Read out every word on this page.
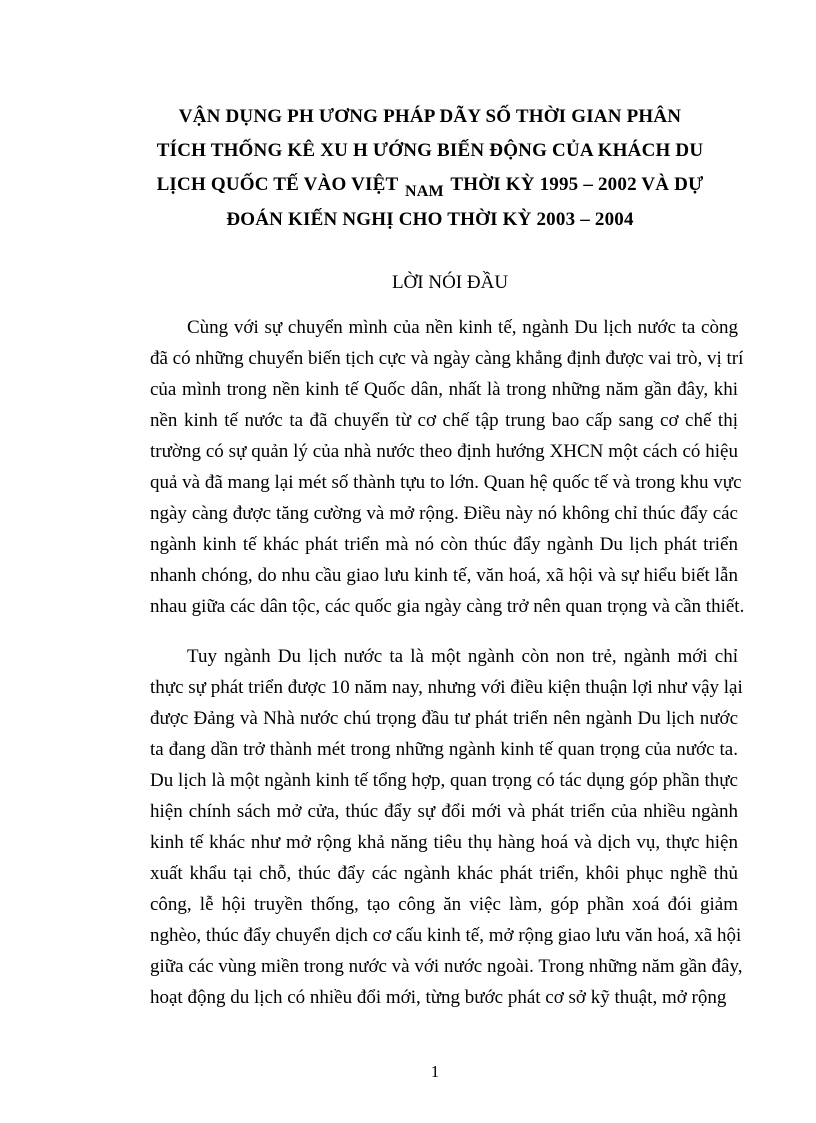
VẬN DỤNG PH ƯƠNG PHÁP DÃY SỐ THỜI GIAN PHÂN
TÍCH THỐNG KÊ XU H ƯỚNG BIẾN ĐỘNG CỦA KHÁCH DU
LỊCH QUỐC TẾ VÀO VIỆT $_{NAM}$ THỜI KỲ 1995 – 2002 VÀ DỰ
ĐOÁN KIẾN NGHỊ CHO THỜI KỲ 2003 – 2004
LỜI NÓI ĐẦU
Cùng với sự chuyển mình của nền kinh tế, ngành Du lịch nước ta còng
đã có những chuyển biến tịch cực và ngày càng khẳng định được vai trò, vị trí
của mình trong nền kinh tế Quốc dân, nhất là trong những năm gần đây, khi
nền kinh tế nước ta đã chuyển từ cơ chế tập trung bao cấp sang cơ chế thị
trường có sự quản lý của nhà nước theo định hướng XHCN một cách có hiệu
quả và đã mang lại mét số thành tựu to lớn. Quan hệ quốc tế và trong khu vực
ngày càng được tăng cường và mở rộng. Điều này nó không chỉ thúc đẩy các
ngành kinh tế khác phát triển mà nó còn thúc đẩy ngành Du lịch phát triển
nhanh chóng, do nhu cầu giao lưu kinh tế, văn hoá, xã hội và sự hiểu biết lẫn
nhau giữa các dân tộc, các quốc gia ngày càng trở nên quan trọng và cần thiết.
Tuy ngành Du lịch nước ta là một ngành còn non trẻ, ngành mới chỉ
thực sự phát triển được 10 năm nay, nhưng với điều kiện thuận lợi như vậy lại
được Đảng và Nhà nước chú trọng đầu tư phát triển nên ngành Du lịch nước
ta đang dần trở thành mét trong những ngành kinh tế quan trọng của nước ta.
Du lịch là một ngành kinh tế tổng hợp, quan trọng có tác dụng góp phần thực
hiện chính sách mở cửa, thúc đẩy sự đổi mới và phát triển của nhiều ngành
kinh tế khác như mở rộng khả năng tiêu thụ hàng hoá và dịch vụ, thực hiện
xuất khẩu tại chỗ, thúc đẩy các ngành khác phát triển, khôi phục nghề thủ
công, lễ hội truyền thống, tạo công ăn việc làm, góp phần xoá đói giảm
nghèo, thúc đẩy chuyển dịch cơ cấu kinh tế, mở rộng giao lưu văn hoá, xã hội
giữa các vùng miền trong nước và với nước ngoài. Trong những năm gần đây,
hoạt động du lịch có nhiều đổi mới, từng bước phát cơ sở kỹ thuật, mở rộng
1
